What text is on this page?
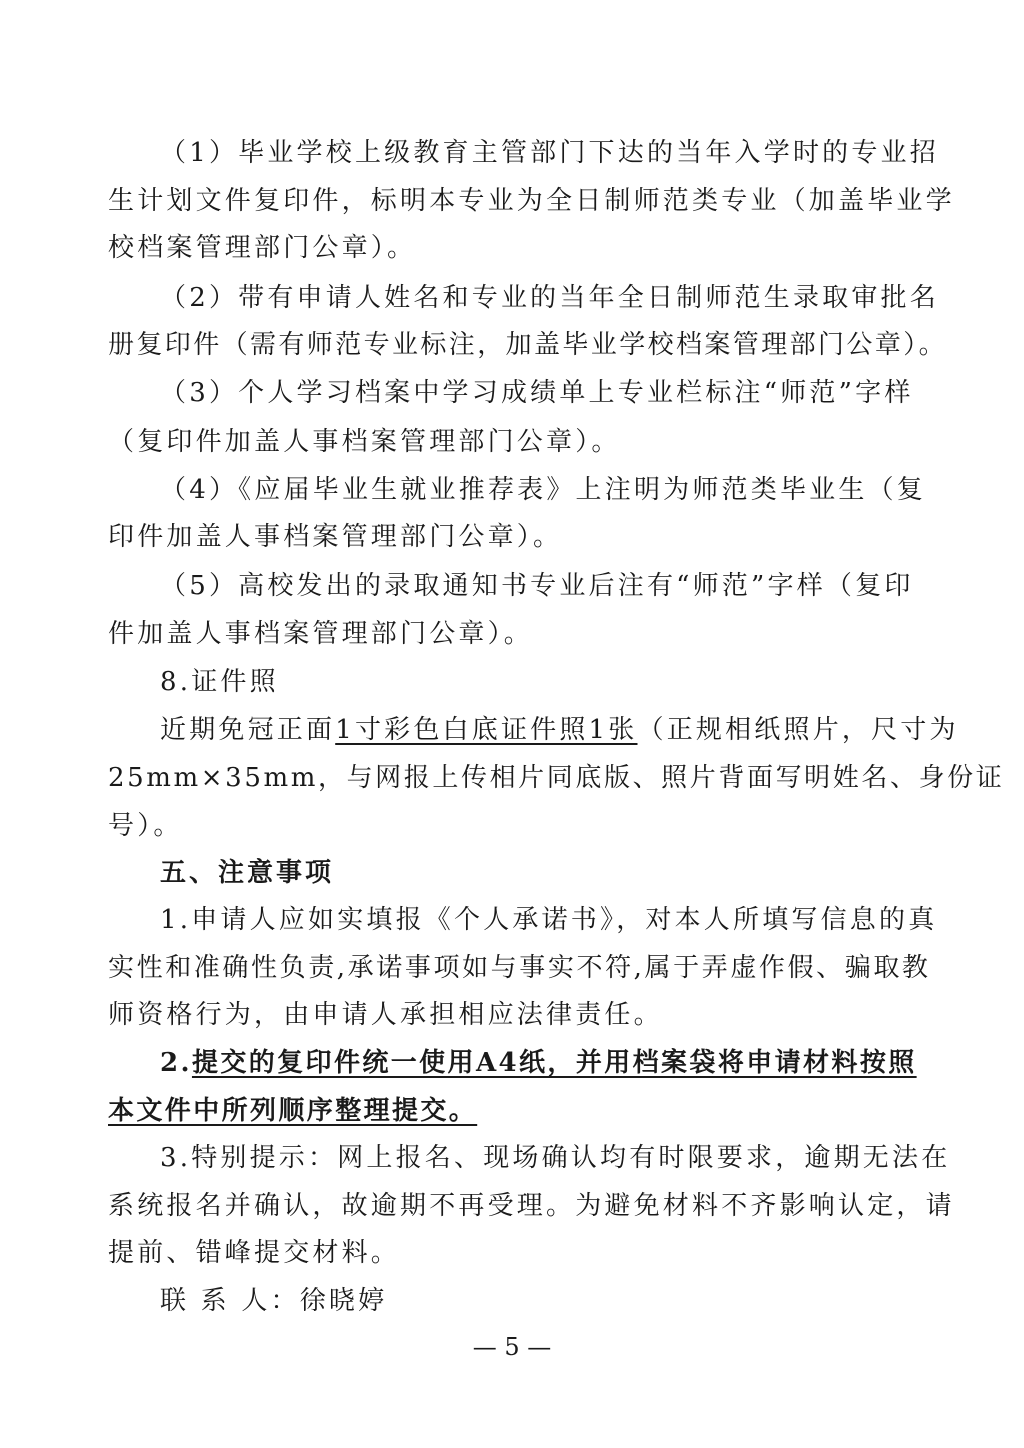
（1）毕业学校上级教育主管部门下达的当年入学时的专业招
生计划文件复印件，标明本专业为全日制师范类专业（加盖毕业学
校档案管理部门公章）。
（2）带有申请人姓名和专业的当年全日制师范生录取审批名
册复印件（需有师范专业标注，加盖毕业学校档案管理部门公章）。
（3）个人学习档案中学习成绩单上专业栏标注“师范”字样
（复印件加盖人事档案管理部门公章）。
（4）《应届毕业生就业推荐表》上注明为师范类毕业生（复
印件加盖人事档案管理部门公章）。
（5）高校发出的录取通知书专业后注有“师范”字样（复印
件加盖人事档案管理部门公章）。
8.证件照
近期免冠正面1寸彩色白底证件照1张（正规相纸照片，尺寸为
25mm×35mm，与网报上传相片同底版、照片背面写明姓名、身份证
号）。
五、注意事项
1.申请人应如实填报《个人承诺书》，对本人所填写信息的真
实性和准确性负责,承诺事项如与事实不符,属于弄虚作假、骗取教
师资格行为，由申请人承担相应法律责任。
2.提交的复印件统一使用A4纸，并用档案袋将申请材料按照
本文件中所列顺序整理提交。
3.特别提示：网上报名、现场确认均有时限要求，逾期无法在
系统报名并确认，故逾期不再受理。为避免材料不齐影响认定，请
提前、错峰提交材料。
联 系 人：徐晓婷
— 5 —
